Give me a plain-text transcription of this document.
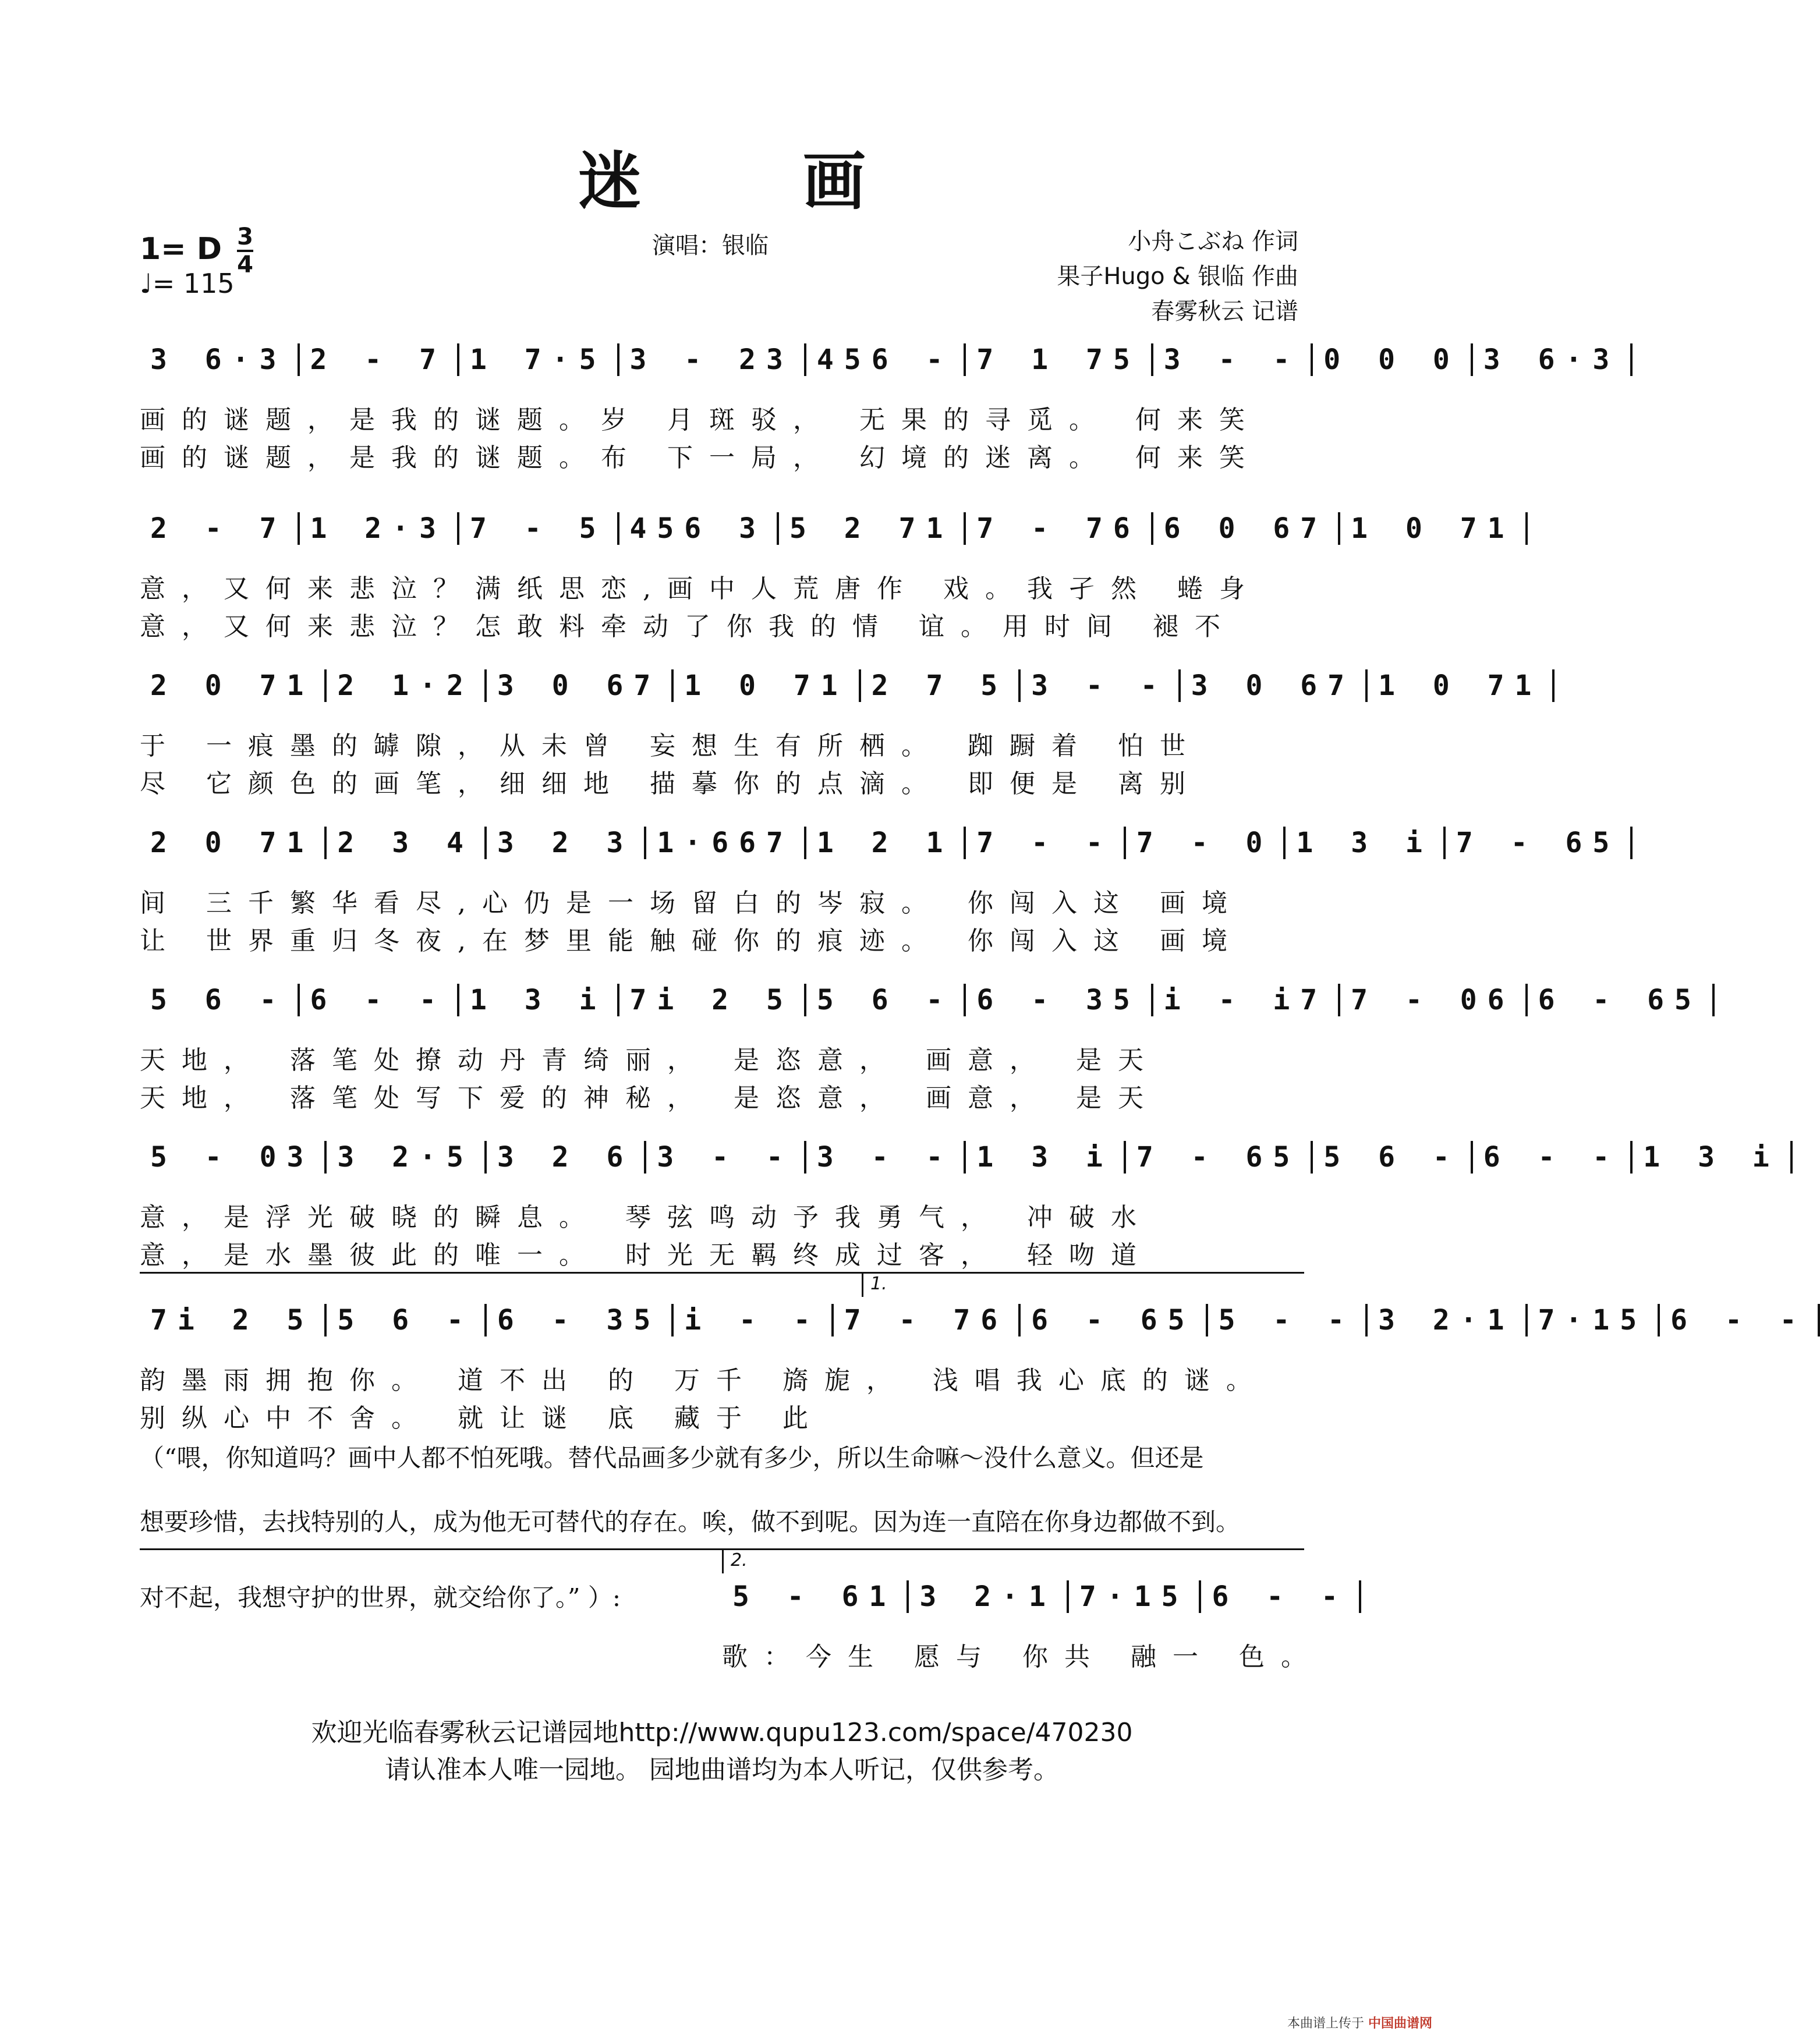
迷 画
1= D $\frac{3}{4}$
♩= 115
演唱：银临	小舟こぶね 作词
果子Hugo & 银临 作曲
春雾秋云 记谱
3 6·3 2 - 7 1 7·5 3 - 23 456 - 7 1 75 3 - - 0 0 0 3 6·3
画的谜题，是我的谜题。岁 月斑驳， 无果的寻觅。 何来笑
画的谜题，是我的谜题。布 下一局， 幻境的迷离。 何来笑
2 - 7 1 2·3 7 - 5 456 3 5 2 71 7 - 76 6 0 67 1 0 71
意，又何来悲泣？满纸思恋,画中人荒唐作 戏。我孑然 蜷身
意，又何来悲泣？怎敢料牵动了你我的情 谊。用时间 褪不
2 0 71 2 1·2 3 0 67 1 0 71 2 7 5 3 - - 3 0 67 1 0 71
于 一痕墨的罅隙，从未曾 妄想生有所栖。 踟蹰着 怕世
尽 它颜色的画笔，细细地 描摹你的点滴。 即便是 离别
2 0 71 2 3 4 3 2 3 1·667 1 2 1 7 - - 7 - 0 1 3 i 7 - 65
间 三千繁华看尽,心仍是一场留白的岑寂。 你闯入这 画境
让 世界重归冬夜,在梦里能触碰你的痕迹。 你闯入这 画境
5 6 - 6 - - 1 3 i 7i 2 5 5 6 - 6 - 35 i - i7 7 - 06 6 - 65
天地， 落笔处撩动丹青绮丽， 是恣意， 画意， 是天
天地， 落笔处写下爱的神秘， 是恣意， 画意， 是天
5 - 03 3 2·5 3 2 6 3 - - 3 - - 1 3 i 7 - 65 5 6 - 6 - - 1 3 i
意，是浮光破晓的瞬息。 琴弦鸣动予我勇气， 冲破水
意，是水墨彼此的唯一。 时光无羁终成过客， 轻吻道
1.
7i 2 5 5 6 - 6 - 35 i - - 7 - 76 6 - 65 5 - - 3 2·1 7·15 6 - -
韵墨雨拥抱你。 道不出 的 万千 旖旎， 浅唱我心底的谜。
别纵心中不舍。 就让谜 底 藏于 此
（“喂，你知道吗？画中人都不怕死哦。替代品画多少就有多少，所以生命嘛～没什么意义。但还是
想要珍惜，去找特别的人，成为他无可替代的存在。唉，做不到呢。因为连一直陪在你身边都做不到。
对不起，我想守护的世界，就交给你了。” ）:
2.
5 - 61 3 2·1 7·15 6 - -
歌：今生 愿与 你共 融一 色。
欢迎光临春雾秋云记谱园地http://www.qupu123.com/space/470230
请认准本人唯一园地。 园地曲谱均为本人听记，仅供参考。
本曲谱上传于 中国曲谱网
